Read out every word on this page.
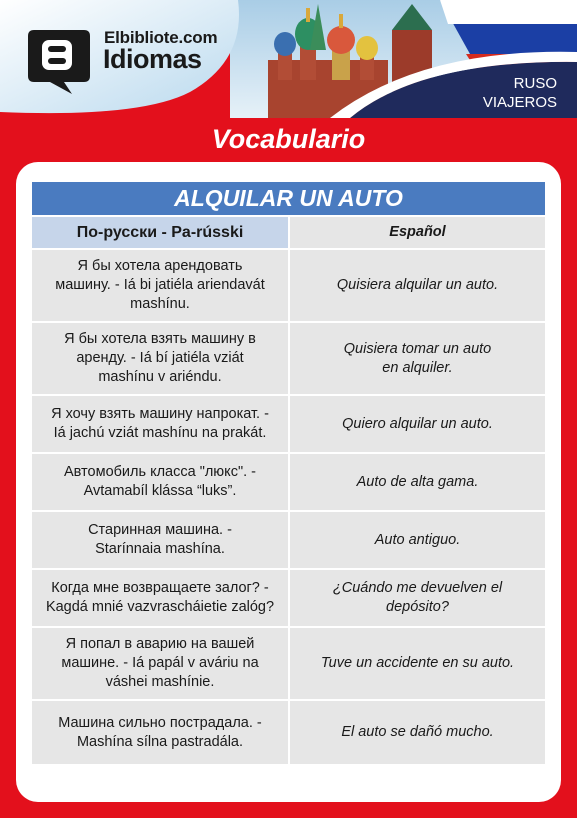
Elbibliote.com
Idiomas
RUSO
VIAJEROS
Vocabulario
ALQUILAR UN AUTO	
По-русски - Pa-rússki	Español
Я бы хотела арендовать
машину. - Iá bi jatiéla ariendavát
mashínu.	Quisiera alquilar un auto.
Я бы хотела взять машину в
аренду. - Iá bí jatiéla vziát
mashínu v ariéndu.	Quisiera tomar un auto
en alquiler.
Я хочу взять машину напрокат. -
Iá jachú vziát mashínu na prakát.	Quiero alquilar un auto.
Автомобиль класса "люкс". -
Avtamabíl klássa “luks”.	Auto de alta gama.
Старинная машина. -
Starínnaia mashína.	Auto antiguo.
Когда мне возвращаете залог? -
Kagdá mnié vazvrascháietie zalóg?	¿Cuándo me devuelven el
depósito?
Я попал в аварию на вашей
машине. - Iá papál v aváriu na
váshei mashínie.	Tuve un accidente en su auto.
Машина сильно пострадала. -
Mashína sílna pastradála.	El auto se dañó mucho.
